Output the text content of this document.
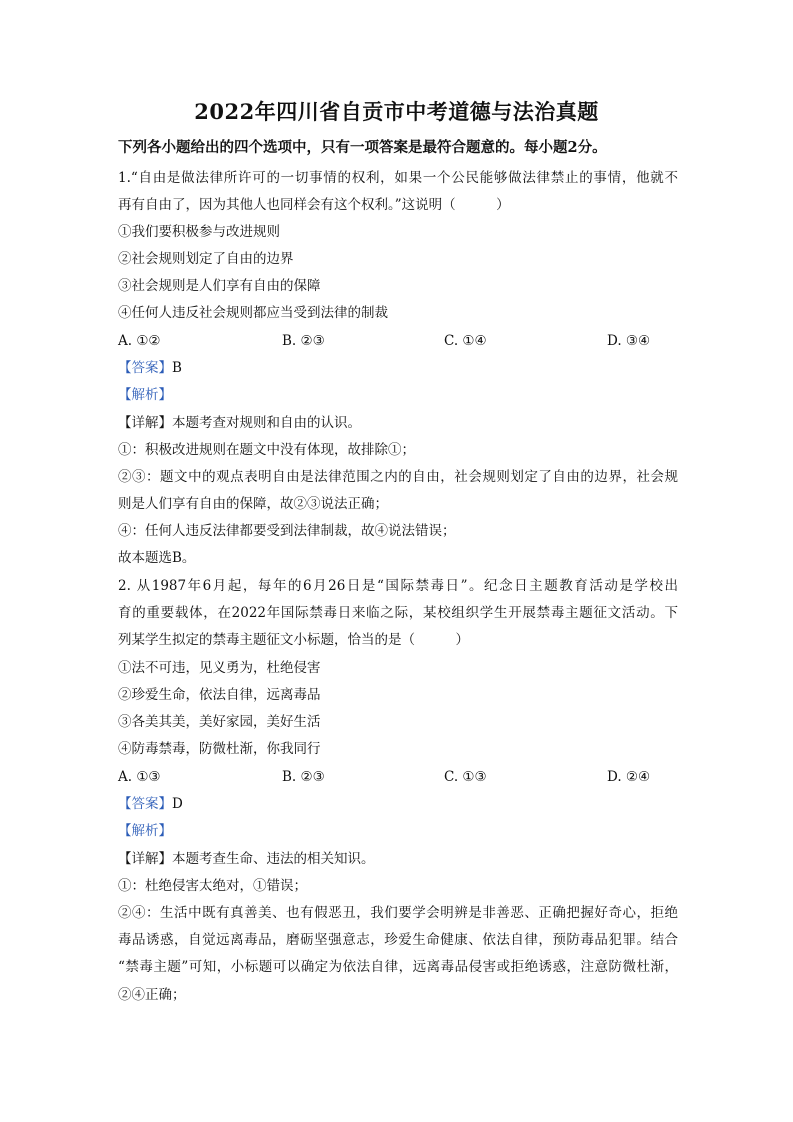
2022年四川省自贡市中考道德与法治真题
下列各小题给出的四个选项中，只有一项答案是最符合题意的。每小题2分。
1.“自由是做法律所许可的一切事情的权利，如果一个公民能够做法律禁止的事情，他就不
再有自由了，因为其他人也同样会有这个权利。”这说明（　　　）
①我们要积极参与改进规则
②社会规则划定了自由的边界
③社会规则是人们享有自由的保障
④任何人违反社会规则都应当受到法律的制裁
A. ①②	B. ②③	C. ①④	D. ③④
【答案】B
【解析】
【详解】本题考查对规则和自由的认识。
①：积极改进规则在题文中没有体现，故排除①；
②③：题文中的观点表明自由是法律范围之内的自由，社会规则划定了自由的边界，社会规
则是人们享有自由的保障，故②③说法正确；
④：任何人违反法律都要受到法律制裁，故④说法错误；
故本题选B。
2. 从1987年6月起，每年的6月26日是“国际禁毒日”。纪念日主题教育活动是学校出
育的重要载体，在2022年国际禁毒日来临之际，某校组织学生开展禁毒主题征文活动。下
列某学生拟定的禁毒主题征文小标题，恰当的是（　　　）
①法不可违，见义勇为，杜绝侵害
②珍爱生命，依法自律，远离毒品
③各美其美，美好家园，美好生活
④防毒禁毒，防微杜渐，你我同行
A. ①③	B. ②③	C. ①③	D. ②④
【答案】D
【解析】
【详解】本题考查生命、违法的相关知识。
①：杜绝侵害太绝对，①错误；
②④：生活中既有真善美、也有假恶丑，我们要学会明辨是非善恶、正确把握好奇心，拒绝
毒品诱惑，自觉远离毒品，磨砺坚强意志，珍爱生命健康、依法自律，预防毒品犯罪。结合
“禁毒主题”可知，小标题可以确定为依法自律，远离毒品侵害或拒绝诱惑，注意防微杜渐，
②④正确；
